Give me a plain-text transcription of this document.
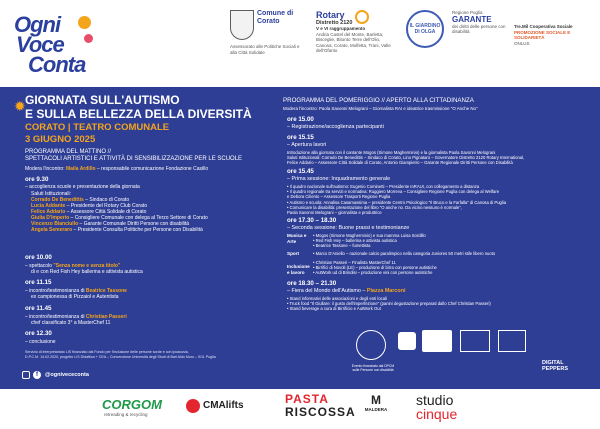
Ogni
Voce
Conta
Comune di
Corato
Assessorato alle Politiche Sociali e alla Città Solidale
Rotary
Distretto 2120
V e VI raggruppamento
Andria Castel del Monte, Barletta, Bisceglie, Bitonto Terre dell'Olio, Canosa, Corato, Molfetta, Trani, Valle dell'Ofanto
IL GIARDINO
DI OLGA
Regione Puglia
GARANTE
dei diritti delle persone con disabilità
Tre.Mil Cooperativa Sociale
PROMOZIONE SOCIALE E SOLIDARIETÀ
ONLUS
✹ GIORNATA SULL'AUTISMO
E SULLA BELLEZZA DELLA DIVERSITÀ
CORATO | TEATRO COMUNALE
3 GIUGNO 2025
PROGRAMMA DEL MATTINO //
SPETTACOLI ARTISTICI E ATTIVITÀ DI SENSIBILIZZAZIONE PER LE SCUOLE
Modera l'incontro: Maila Ardillo – responsabile comunicazione Fondazione Casillo
ore 9.30
– accoglienza scuole e presentazione della giornata
Saluti Istituzionali:
Corrado De Benedittis – Sindaco di Corato
Lucia Addante – Presidente del Rotary Club Corato
Felice Addario – Assessore Città Solidale di Corato
Giulia D'Imperio – Consigliere Comunale con delega al Terzo Settore di Corato
Vincenzo Bianciullo – Garante Comunale Diritti Persone con disabilità
Angela Semeraro – Presidente Consulta Politiche per Persone con Disabilità
ore 10.00
– spettacolo "Senza nome e senza titolo"
di e con Red Fish Hey ballerina e attivista autistica
ore 11.15
– incontro/testimonianza di Beatrice Tassone
ex campionessa di Pizzaiol e Autentista
ore 11.45
– incontro/testimonianza di Christian Passeri
chef classificato 3° a MasterChef 11
ore 12.30
– conclusione
Servizio di interpretariato LIS finanziato dal Fondo per l'inclusione delle persone sorde e con ipoacusia,
D.P.C.M. 14.02.2020, progetto LIS Didattica + CEA – Convenzione Università degli Studi di Bari Aldo Moro – 9/11 Puglia
f	@ognivececonta
PROGRAMMA DEL POMERIGGIO // APERTO ALLA CITTADINANZA
Modera l'incontro: Paola Savonni Melograni – Giornalista RAI e ideatrice trasmissione "O Anche No"
ore 15.00
– Registrazione/accoglienza partecipanti
ore 15.15
– Apertura lavori
Introduzione alla giornata con il cantante Mogos (Simone Magherminio) e la giornalista Paola Savonni Melograni
Saluti Istituzionali: Corrado De Benedittis – Sindaco di Corato, Lino Pignataro – Governatore Distretto 2120 Rotary International,
Felice Addario – Assessore Città Solidale di Corato, Antonio Giampietro – Garante Regionale Diritti Persone con Disabilità
ore 15.45
– Prima sessione: Inquadramento generale
• Il quadro nazionale sull'autismo: Eugenio Cominetti – Presidente InRAUt, con collegamento a distanza
• Il quadro regionale tra servizi e normativa: Ruggiero Morreva – Consigliere Regione Puglia con delega al Welfare
e Debora Ciliento – Assessore Trasporti Regione Puglia
• Autismo e scuola: Annalisa Casamassima – presidente Centro Psicologico "Il Bruco e la Farfalla" di Canosa di Puglia
• Comunicare la disabilità: presentazione del libro "O anche no. Da vicino nessuno è normale",
Paola Savonni Melograni – giornalista e produttrice
ore 17.30 – 18.30
– Seconda sessione: Buone prassi e testimonianze
Musica e Arte
• Mogos (Simone Magherminio) e sua mamma Luisa Sordillo
• Red Fish Hey – ballerina e attivista autistica
• Beatrice Tassone – fumettista
Sport	• Marco D'Aniello – nazionale calcio paralimpico nella categoria Juniores 50 metri stile libero nuoto
Inclusione e lavoro
• Christian Passeri – Finalista MasterChef 11
• Birrifici di Novoli (LE) – produzione di birra con persone autistiche
• AutWork ud di Brindisi – produzione vini con persone autistiche
ore 18.30 – 21.30
– Fiera del Mondo dell'Autismo – Piazza Marconi
• Stand informativi delle associazioni e degli enti locali
• Truck food "Il Giullare: il gusto dell'imperfezione" (panini degustazione preparati dallo Chef Christian Passeri)
• Stand beverage a cura di Birrificio e AutWork Out
Evento finanziato dal DPCM sulle Persone con disabilità
DIGITAL PEPPERS
CORGOM
retreading & recycling
CMAlifts	PASTA
RISCOSSA
M
MALDERA
studio
cinque
